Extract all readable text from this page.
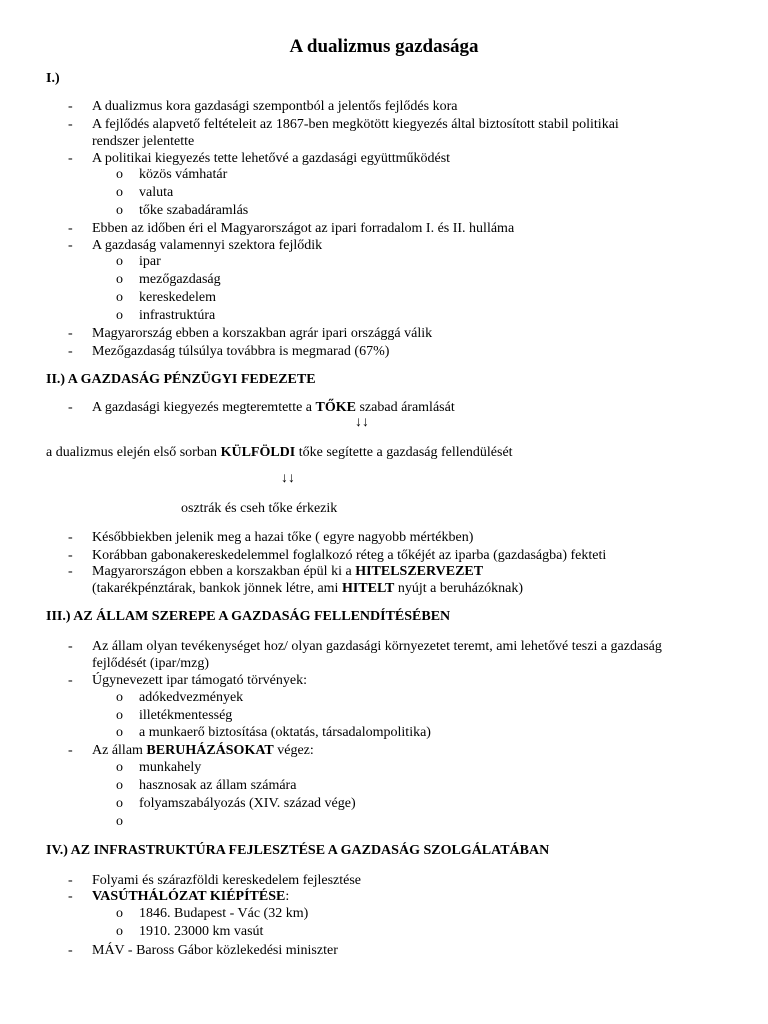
A dualizmus gazdasága
I.)
- A dualizmus kora gazdasági szempontból a jelentős fejlődés kora
- A fejlődés alapvető feltételeit az 1867-ben megkötött kiegyezés által biztosított stabil politikai
rendszer jelentette
- A politikai kiegyezés tette lehetővé a gazdasági együttműködést
o közös vámhatár
o valuta
o tőke szabadáramlás
- Ebben az időben éri el Magyarországot az ipari forradalom I. és II. hulláma
- A gazdaság valamennyi szektora fejlődik
o ipar
o mezőgazdaság
o kereskedelem
o infrastruktúra
- Magyarország ebben a korszakban agrár ipari országgá válik
- Mezőgazdaság túlsúlya továbbra is megmarad (67%)
II.) A GAZDASÁG PÉNZÜGYI FEDEZETE
- A gazdasági kiegyezés megteremtette a TŐKE szabad áramlását
↓↓
a dualizmus elején első sorban KÜLFÖLDI tőke segítette a gazdaság fellendülését
↓↓
osztrák és cseh tőke érkezik
- Későbbiekben jelenik meg a hazai tőke ( egyre nagyobb mértékben)
- Korábban gabonakereskedelemmel foglalkozó réteg a tőkéjét az iparba (gazdaságba) fekteti
- Magyarországon ebben a korszakban épül ki a HITELSZERVEZET
(takarékpénztárak, bankok jönnek létre, ami HITELT nyújt a beruházóknak)
III.) AZ ÁLLAM SZEREPE A GAZDASÁG FELLENDÍTÉSÉBEN
- Az állam olyan tevékenységet hoz/ olyan gazdasági környezetet teremt, ami lehetővé teszi a gazdaság
fejlődését (ipar/mzg)
- Úgynevezett ipar támogató törvények:
o adókedvezmények
o illetékmentesség
o a munkaerő biztosítása (oktatás, társadalompolitika)
- Az állam BERUHÁZÁSOKAT végez:
o munkahely
o hasznosak az állam számára
o folyamszabályozás (XIV. század vége)
o
IV.) AZ INFRASTRUKTÚRA FEJLESZTÉSE A GAZDASÁG SZOLGÁLATÁBAN
- Folyami és szárazföldi kereskedelem fejlesztése
- VASÚTHÁLÓZAT KIÉPÍTÉSE:
o 1846. Budapest - Vác (32 km)
o 1910. 23000 km vasút
- MÁV - Baross Gábor közlekedési miniszter
